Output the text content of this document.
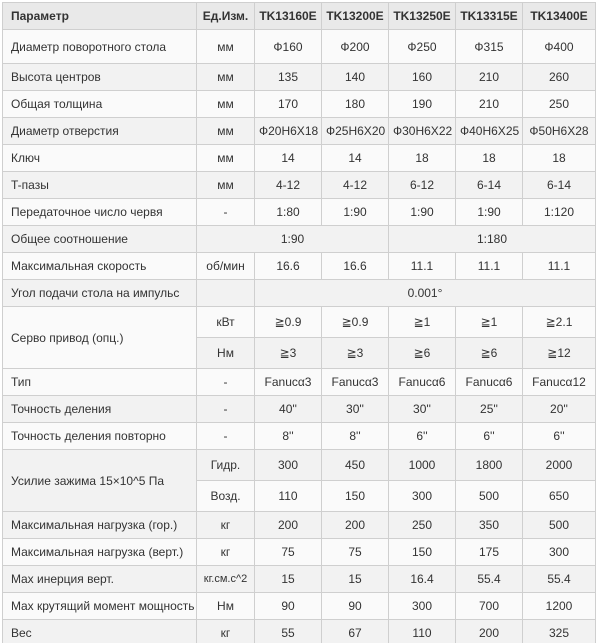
Параметр	Ед.Изм.	TK13160E	TK13200E	TK13250E	TK13315E	TK13400E
Диаметр поворотного стола	мм	Ф160	Ф200	Ф250	Ф315	Ф400
Высота центров	мм	135	140	160	210	260
Общая толщина	мм	170	180	190	210	250
Диаметр отверстия	мм	Ф20H6X18	Ф25H6X20	Ф30H6X22	Ф40H6X25	Ф50H6X28
Ключ	мм	14	14	18	18	18
T-пазы	мм	4-12	4-12	6-12	6-14	6-14
Передаточное число червя	-	1:80	1:90	1:90	1:90	1:120
Общее соотношение	1:90			1:180		
Максимальная скорость	об/мин	16.6	16.6	11.1	11.1	11.1
Угол подачи стола на импульс		0.001°				
Серво привод (опц.)	кВт	≧0.9	≧0.9	≧1	≧1	≧2.1
	Нм	≧3	≧3	≧6	≧6	≧12
Тип	-	Fanucα3	Fanucα3	Fanucα6	Fanucα6	Fanucα12
Точность деления	-	40''	30''	30''	25''	20''
Точность деления повторно	-	8''	8''	6''	6''	6''
Усилие зажима 15×10^5 Па	Гидр.	300	450	1000	1800	2000
	Возд.	110	150	300	500	650
Максимальная нагрузка (гор.)	кг	200	200	250	350	500
Максимальная нагрузка (верт.)	кг	75	75	150	175	300
Max инерция верт.	кг.см.с^2	15	15	16.4	55.4	55.4
Max крутящий момент мощность	Нм	90	90	300	700	1200
Вес	кг	55	67	110	200	325
